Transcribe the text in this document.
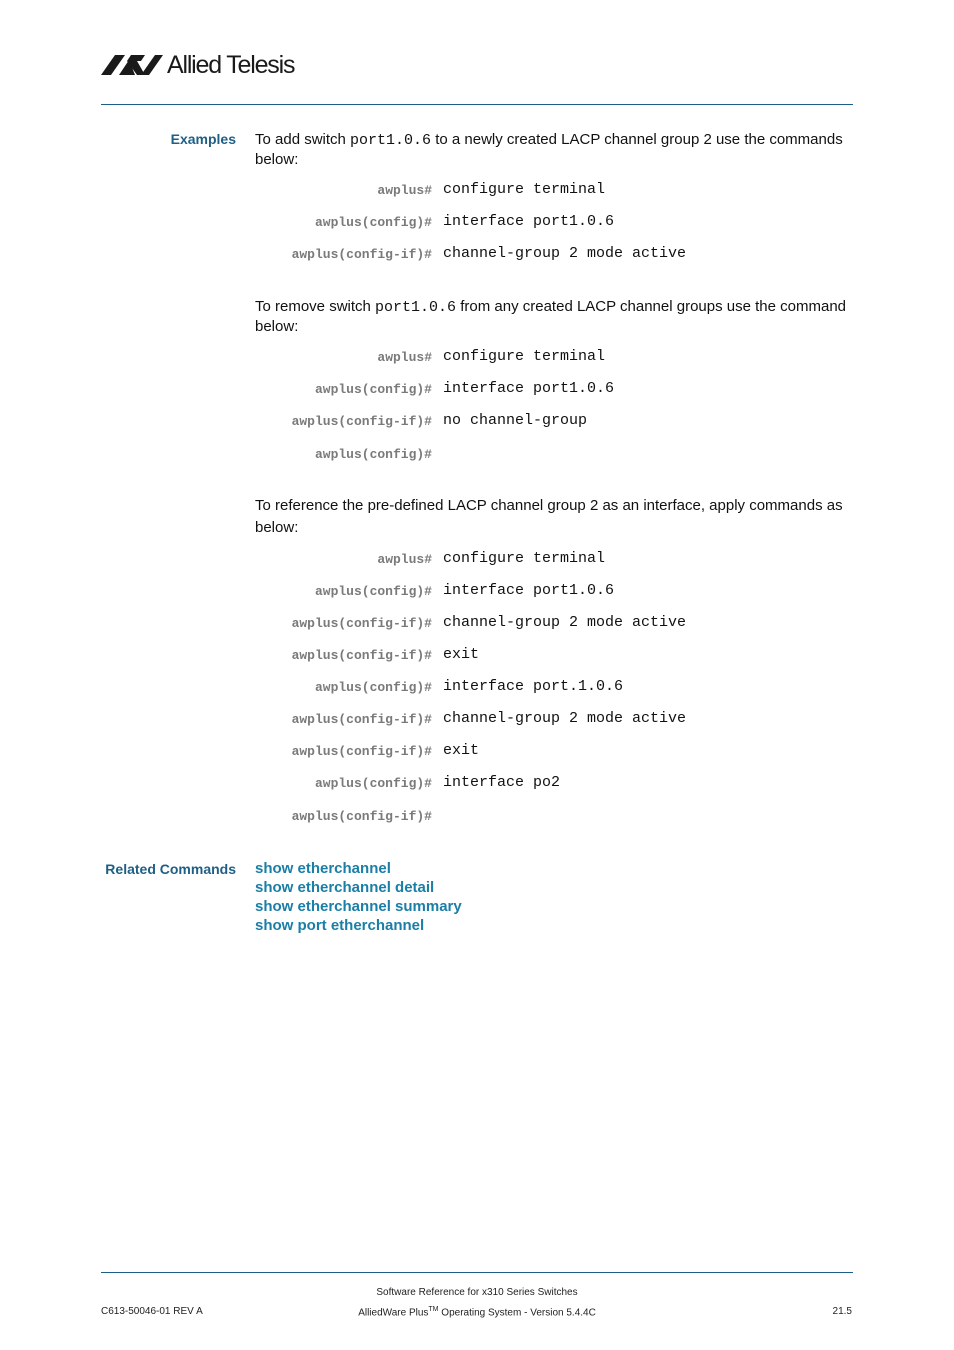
Allied Telesis
Examples To add switch port1.0.6 to a newly created LACP channel group 2 use the commands below:
awplus# configure terminal
awplus(config)# interface port1.0.6
awplus(config-if)# channel-group 2 mode active
To remove switch port1.0.6 from any created LACP channel groups use the command below:
awplus# configure terminal
awplus(config)# interface port1.0.6
awplus(config-if)# no channel-group
awplus(config)#
To reference the pre-defined LACP channel group 2 as an interface, apply commands as below:
awplus# configure terminal
awplus(config)# interface port1.0.6
awplus(config-if)# channel-group 2 mode active
awplus(config-if)# exit
awplus(config)# interface port.1.0.6
awplus(config-if)# channel-group 2 mode active
awplus(config-if)# exit
awplus(config)# interface po2
awplus(config-if)#
Related Commands show etherchannel
show etherchannel detail
show etherchannel summary
show port etherchannel
Software Reference for x310 Series Switches
C613-50046-01 REV A	AlliedWare Plus™ Operating System - Version 5.4.4C	21.5
